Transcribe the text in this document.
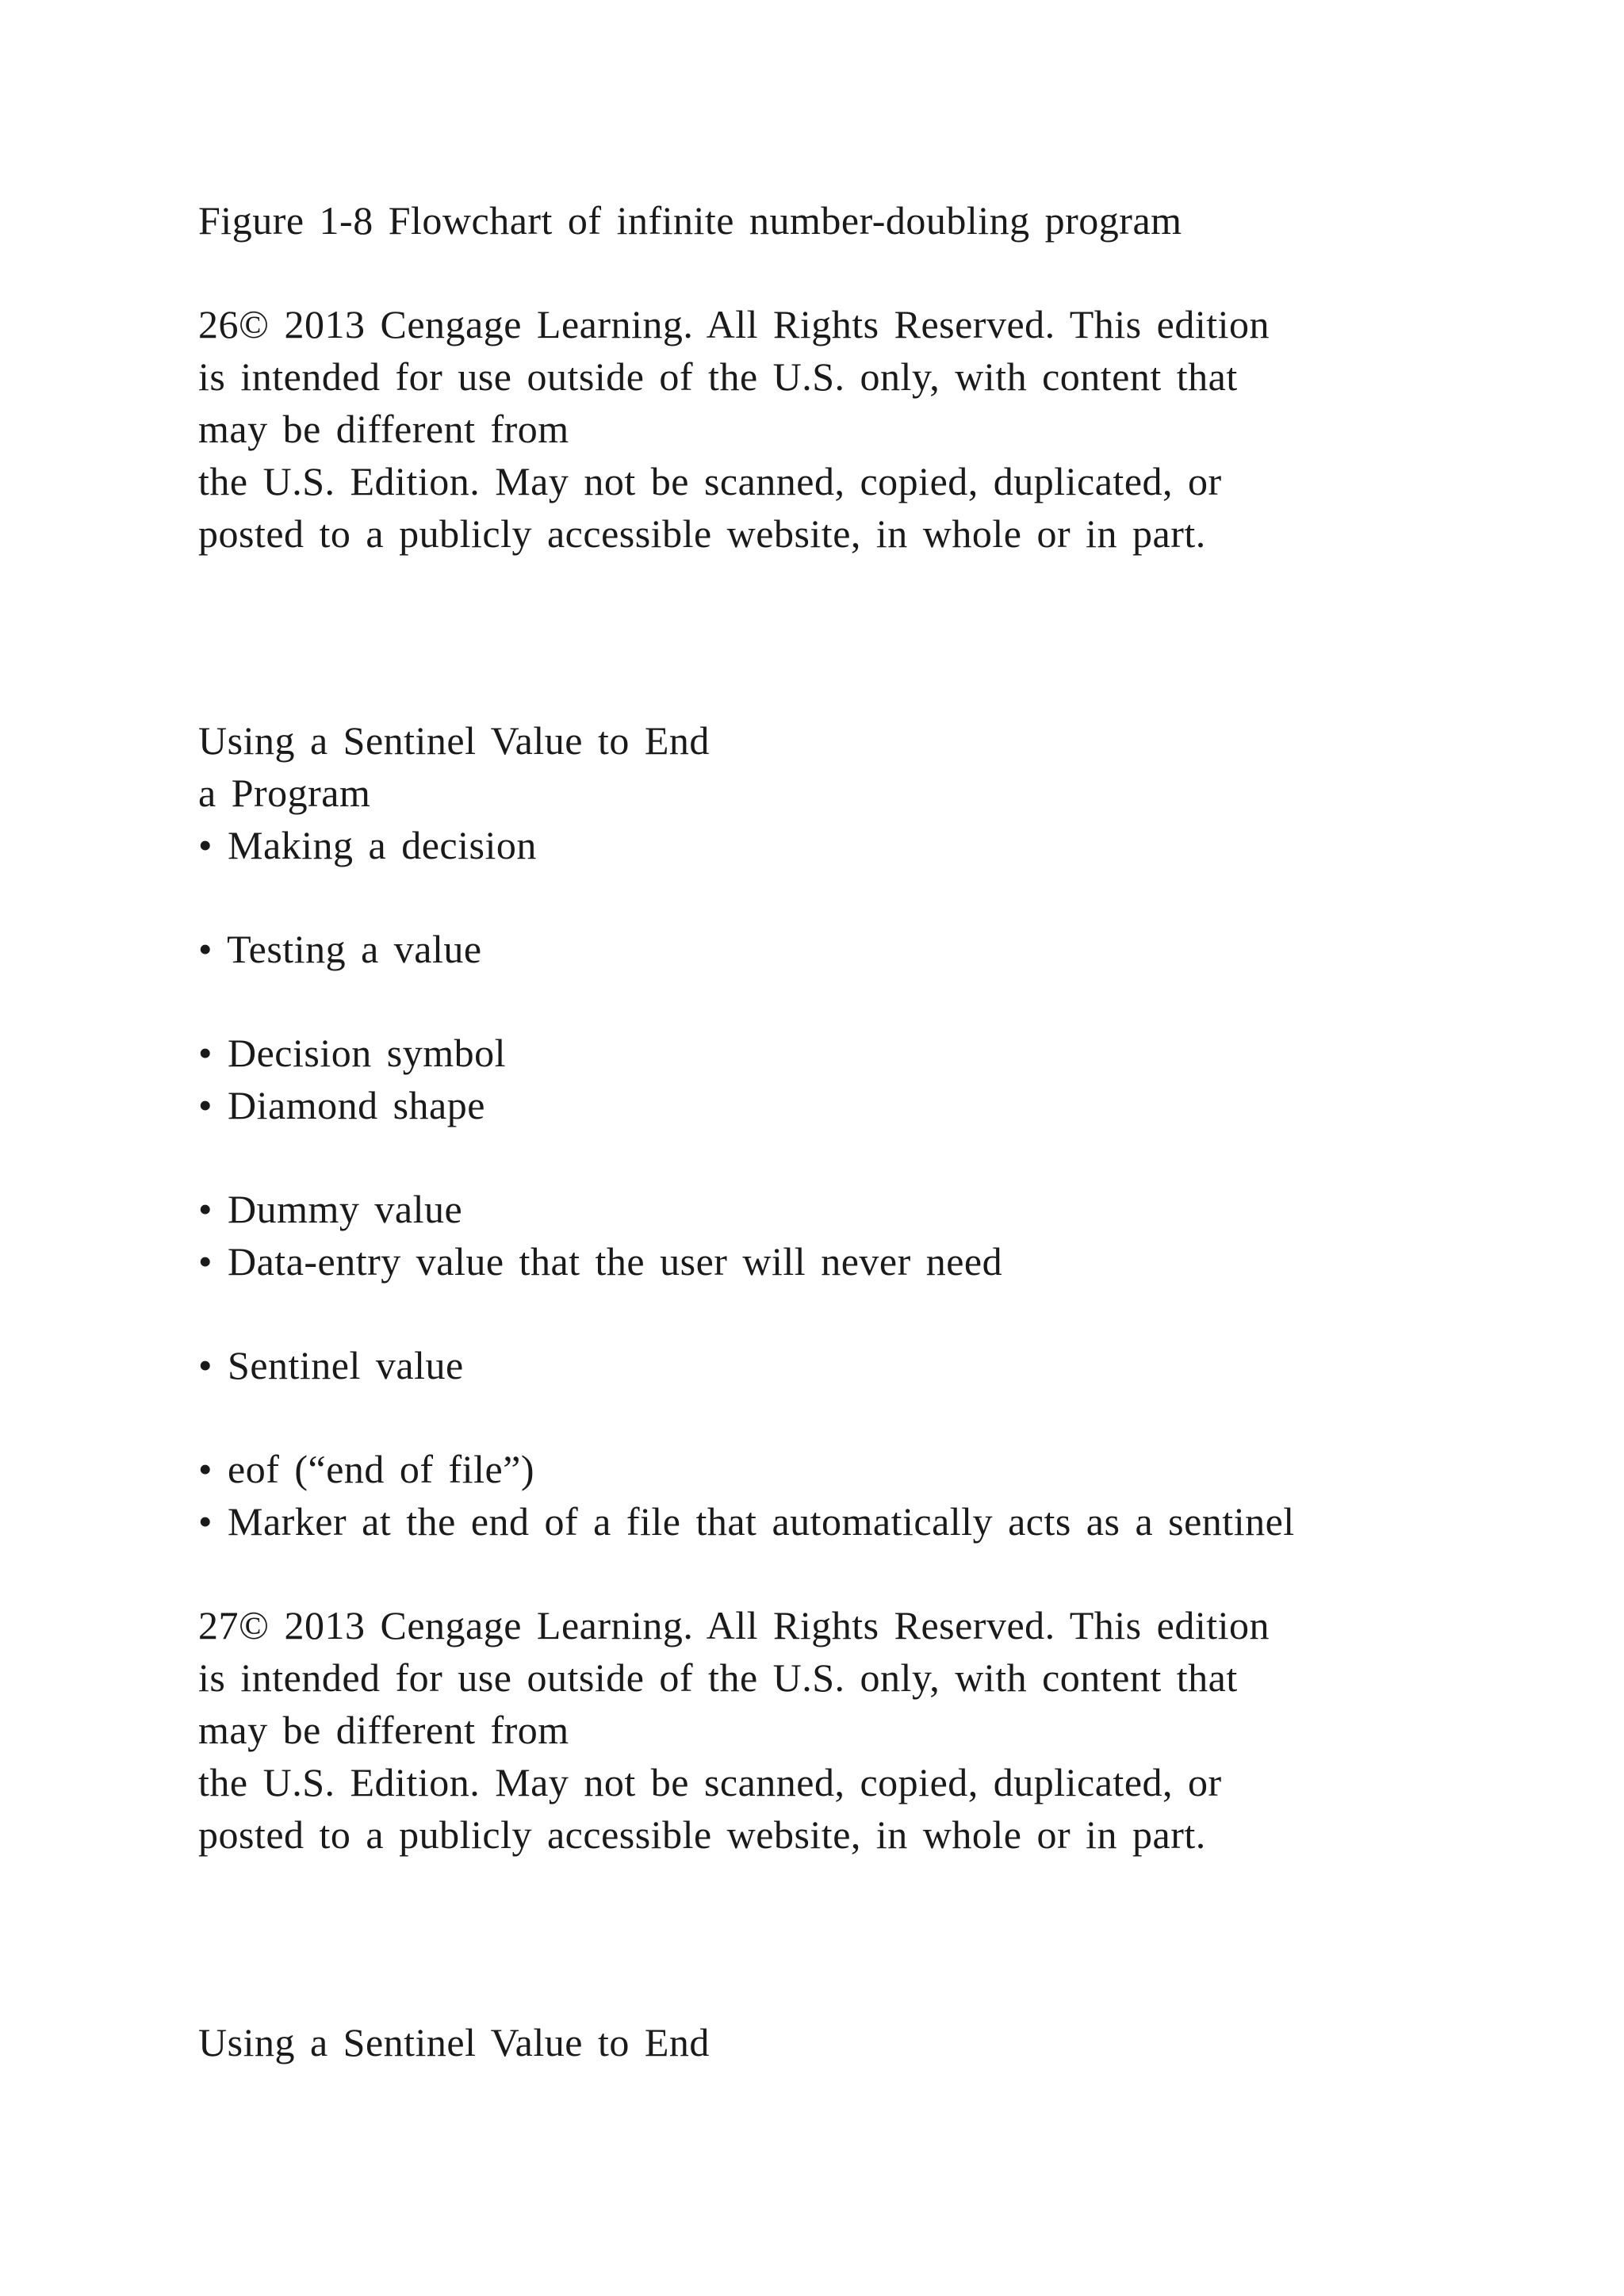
Figure 1-8 Flowchart of infinite number-doubling program
26© 2013 Cengage Learning. All Rights Reserved. This edition
is intended for use outside of the U.S. only, with content that
may be different from
the U.S. Edition. May not be scanned, copied, duplicated, or
posted to a publicly accessible website, in whole or in part.
Using a Sentinel Value to End
a Program
• Making a decision
• Testing a value
• Decision symbol
• Diamond shape
• Dummy value
• Data-entry value that the user will never need
• Sentinel value
• eof (“end of file”)
• Marker at the end of a file that automatically acts as a sentinel
27© 2013 Cengage Learning. All Rights Reserved. This edition
is intended for use outside of the U.S. only, with content that
may be different from
the U.S. Edition. May not be scanned, copied, duplicated, or
posted to a publicly accessible website, in whole or in part.
Using a Sentinel Value to End
